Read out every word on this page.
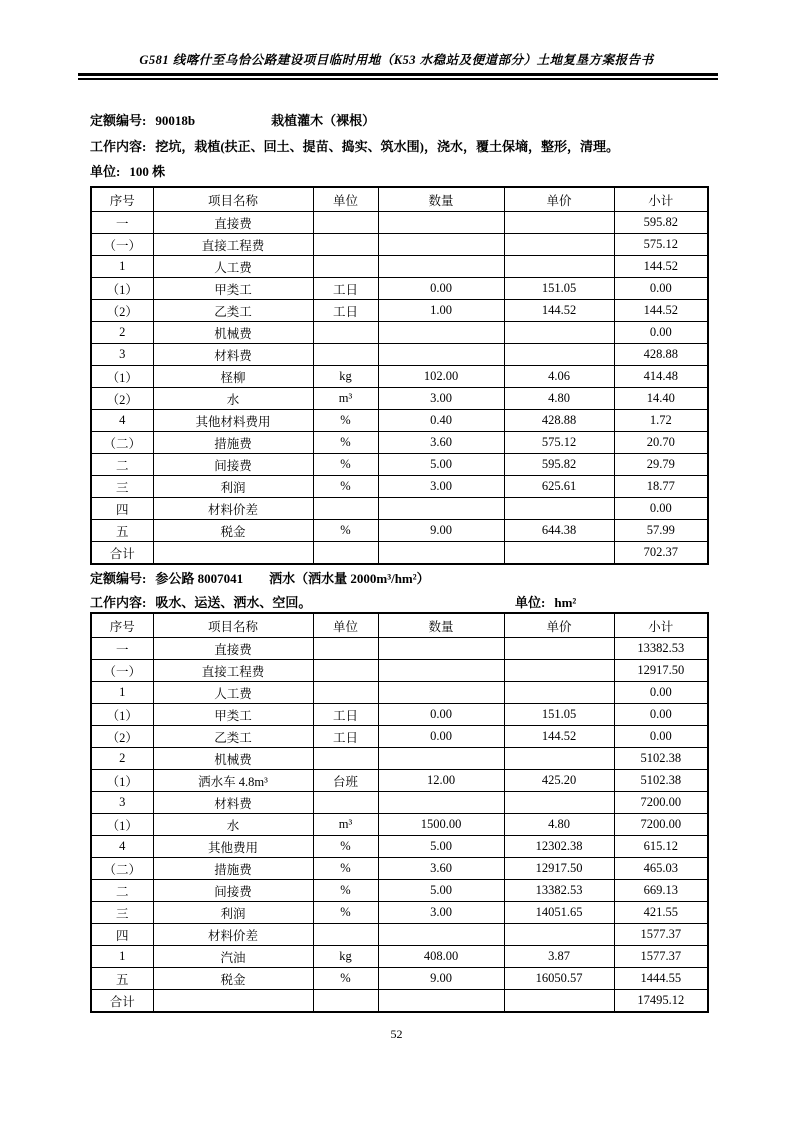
G581 线喀什至乌恰公路建设项目临时用地（K53 水稳站及便道部分）土地复垦方案报告书
定额编号: 90018b	栽植灌木（裸根）
工作内容: 挖坑，栽植(扶正、回土、提苗、捣实、筑水围)，浇水，覆土保墒，整形，清理。
单位: 100 株
序号	项目名称	单位	数量	单价	小计
一	直接费				595.82
（一）	直接工程费				575.12
1	人工费				144.52
（1）	甲类工	工日	0.00	151.05	0.00
（2）	乙类工	工日	1.00	144.52	144.52
2	机械费				0.00
3	材料费				428.88
（1）	柽柳	kg	102.00	4.06	414.48
（2）	水	m³	3.00	4.80	14.40
4	其他材料费用	%	0.40	428.88	1.72
（二）	措施费	%	3.60	575.12	20.70
二	间接费	%	5.00	595.82	29.79
三	利润	%	3.00	625.61	18.77
四	材料价差				0.00
五	税金	%	9.00	644.38	57.99
合计					702.37
定额编号: 参公路 8007041 洒水（洒水量 2000m³/hm²）
工作内容: 吸水、运送、洒水、空回。	单位: hm²
序号	项目名称	单位	数量	单价	小计
一	直接费				13382.53
（一）	直接工程费				12917.50
1	人工费				0.00
（1）	甲类工	工日	0.00	151.05	0.00
（2）	乙类工	工日	0.00	144.52	0.00
2	机械费				5102.38
（1）	洒水车 4.8m³	台班	12.00	425.20	5102.38
3	材料费				7200.00
（1）	水	m³	1500.00	4.80	7200.00
4	其他费用	%	5.00	12302.38	615.12
（二）	措施费	%	3.60	12917.50	465.03
二	间接费	%	5.00	13382.53	669.13
三	利润	%	3.00	14051.65	421.55
四	材料价差				1577.37
1	汽油	kg	408.00	3.87	1577.37
五	税金	%	9.00	16050.57	1444.55
合计					17495.12
52
